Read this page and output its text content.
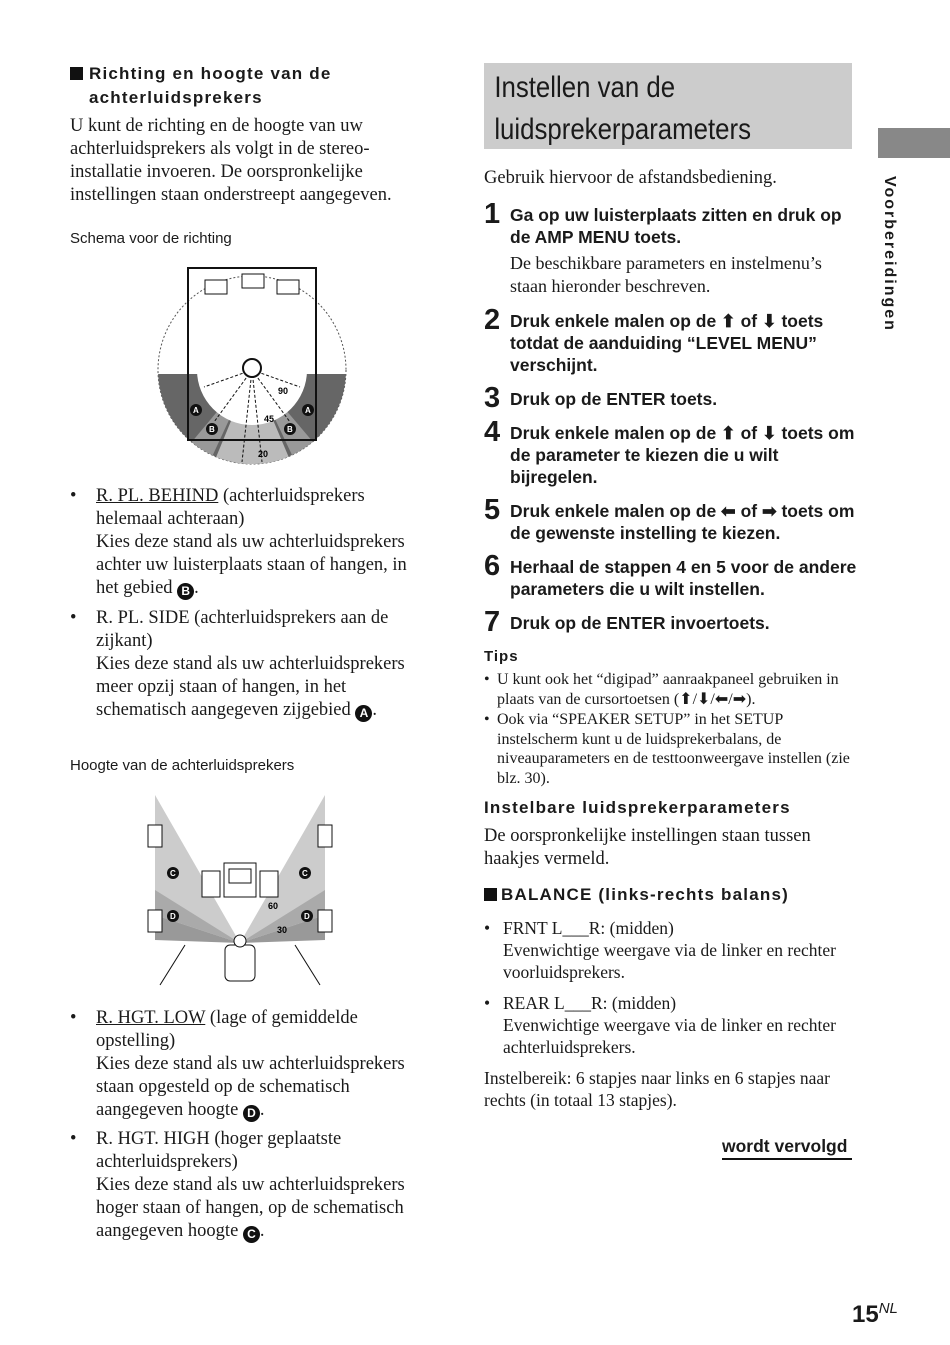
Richting en hoogte van de
achterluidsprekers
U kunt de richting en de hoogte van uw achterluidsprekers als volgt in de stereo-installatie invoeren. De oorspronkelijke instellingen staan onderstreept aangegeven.
Schema voor de richting
90
45
20
A	A
B	B
• R. PL. BEHIND (achterluidsprekers helemaal achteraan)
Kies deze stand als uw achterluidsprekers achter uw luisterplaats staan of hangen, in het gebied B .
• R. PL. SIDE (achterluidsprekers aan de zijkant)
Kies deze stand als uw achterluidsprekers meer opzij staan of hangen, in het schematisch aangegeven zijgebied A .
Hoogte van de achterluidsprekers
60
30
C	C
D	D
• R. HGT. LOW (lage of gemiddelde opstelling)
Kies deze stand als uw achterluidsprekers staan opgesteld op de schematisch aangegeven hoogte D .
• R. HGT. HIGH (hoger geplaatste achterluidsprekers)
Kies deze stand als uw achterluidsprekers hoger staan of hangen, op de schematisch aangegeven hoogte C .
Instellen van de
luidsprekerparameters
Gebruik hiervoor de afstandsbediening.
1 Ga op uw luisterplaats zitten en druk op de AMP MENU toets.
De beschikbare parameters en instelmenu’s staan hieronder beschreven.
2 Druk enkele malen op de ⬆ of ⬇ toets totdat de aanduiding “LEVEL MENU” verschijnt.
3 Druk op de ENTER toets.
4 Druk enkele malen op de ⬆ of ⬇ toets om de parameter te kiezen die u wilt bijregelen.
5 Druk enkele malen op de ⬅ of ➡ toets om de gewenste instelling te kiezen.
6 Herhaal de stappen 4 en 5 voor de andere parameters die u wilt instellen.
7 Druk op de ENTER invoertoets.
Tips
• U kunt ook het “digipad” aanraakpaneel gebruiken in plaats van de cursortoetsen (⬆/⬇/⬅/➡).
• Ook via “SPEAKER SETUP” in het SETUP instelscherm kunt u de luidsprekerbalans, de niveauparameters en de testtoonweergave instellen (zie blz. 30).
Instelbare luidsprekerparameters
De oorspronkelijke instellingen staan tussen haakjes vermeld.
BALANCE (links-rechts balans)
• FRNT L___R: (midden)
Evenwichtige weergave via de linker en rechter voorluidsprekers.
• REAR L___R: (midden)
Evenwichtige weergave via de linker en rechter achterluidsprekers.
Instelbereik: 6 stapjes naar links en 6 stapjes naar rechts (in totaal 13 stapjes).
wordt vervolgd
Voorbereidingen
$15^{NL}$
